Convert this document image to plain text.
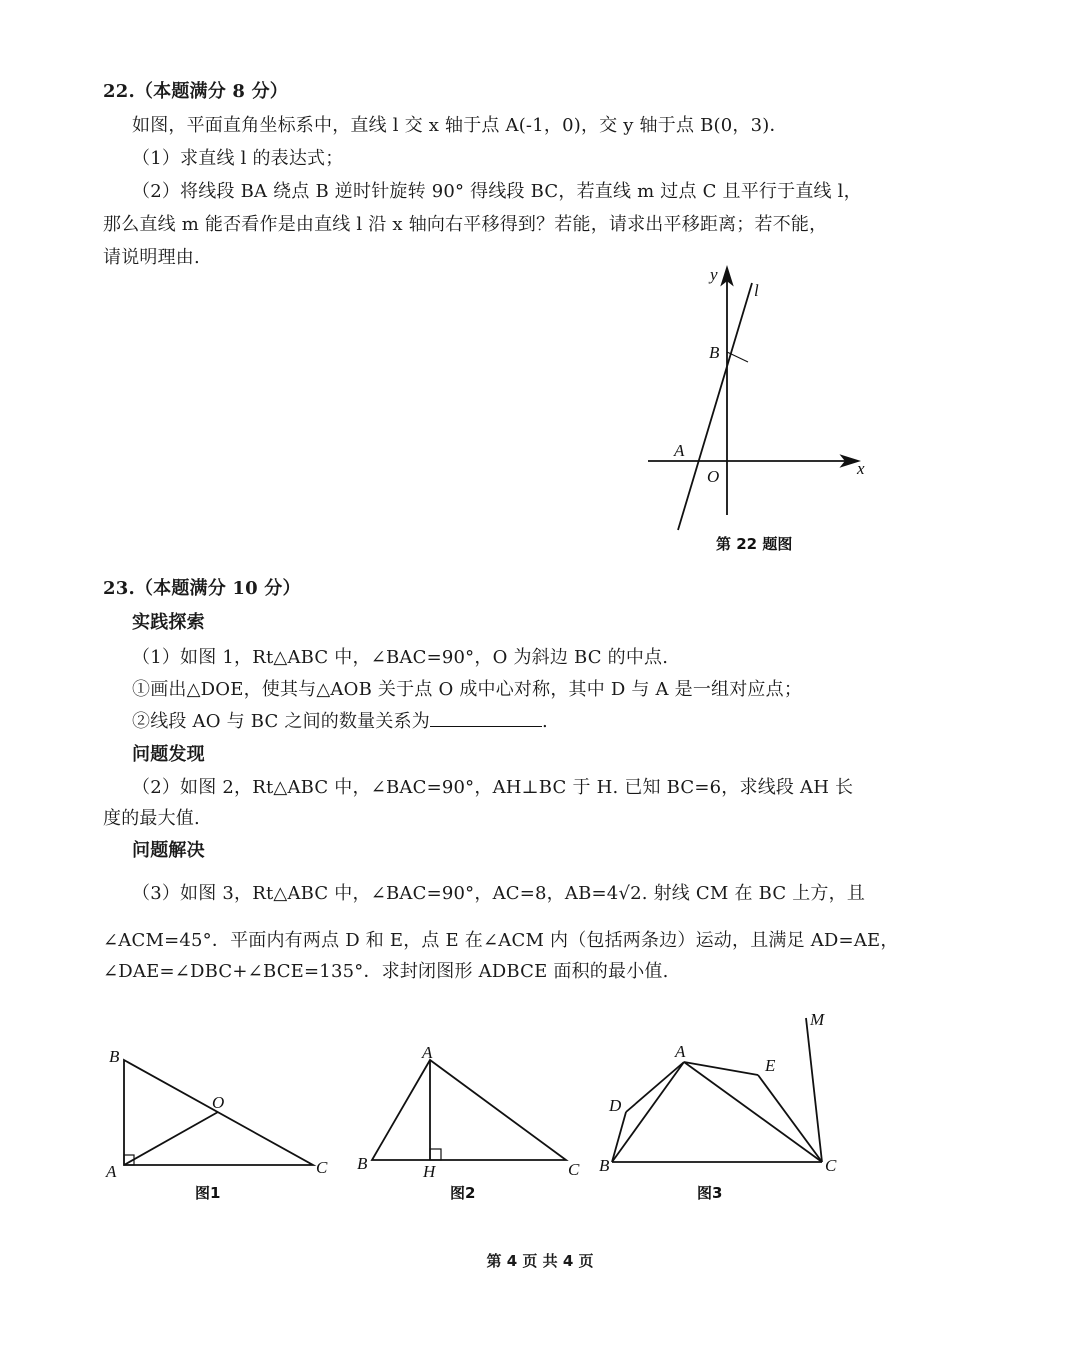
22.（本题满分 8 分）
如图，平面直角坐标系中，直线 l 交 x 轴于点 A(-1，0)，交 y 轴于点 B(0，3)．
（1）求直线 l 的表达式；
（2）将线段 BA 绕点 B 逆时针旋转 90° 得线段 BC，若直线 m 过点 C 且平行于直线 l，
那么直线 m 能否看作是由直线 l 沿 x 轴向右平移得到？若能，请求出平移距离；若不能，
请说明理由.
23.（本题满分 10 分）
实践探索
（1）如图 1，Rt△ABC 中，∠BAC=90°，O 为斜边 BC 的中点.
①画出△DOE，使其与△AOB 关于点 O 成中心对称，其中 D 与 A 是一组对应点；
②线段 AO 与 BC 之间的数量关系为	.
问题发现
（2）如图 2，Rt△ABC 中，∠BAC=90°，AH⊥BC 于 H. 已知 BC=6，求线段 AH 长
度的最大值.
问题解决
（3）如图 3，Rt△ABC 中，∠BAC=90°，AC=8，AB=4√2. 射线 CM 在 BC 上方，且
∠ACM=45°．平面内有两点 D 和 E，点 E 在∠ACM 内（包括两条边）运动，且满足 AD=AE，
∠DAE=∠DBC+∠BCE=135°．求封闭图形 ADBCE 面积的最小值.
y
x
l
B
A
O
第 22 题图
B
A	C
O
图1
A
B	C
H
图2
A
B	C
D
E
M
图3
第 4 页 共 4 页
